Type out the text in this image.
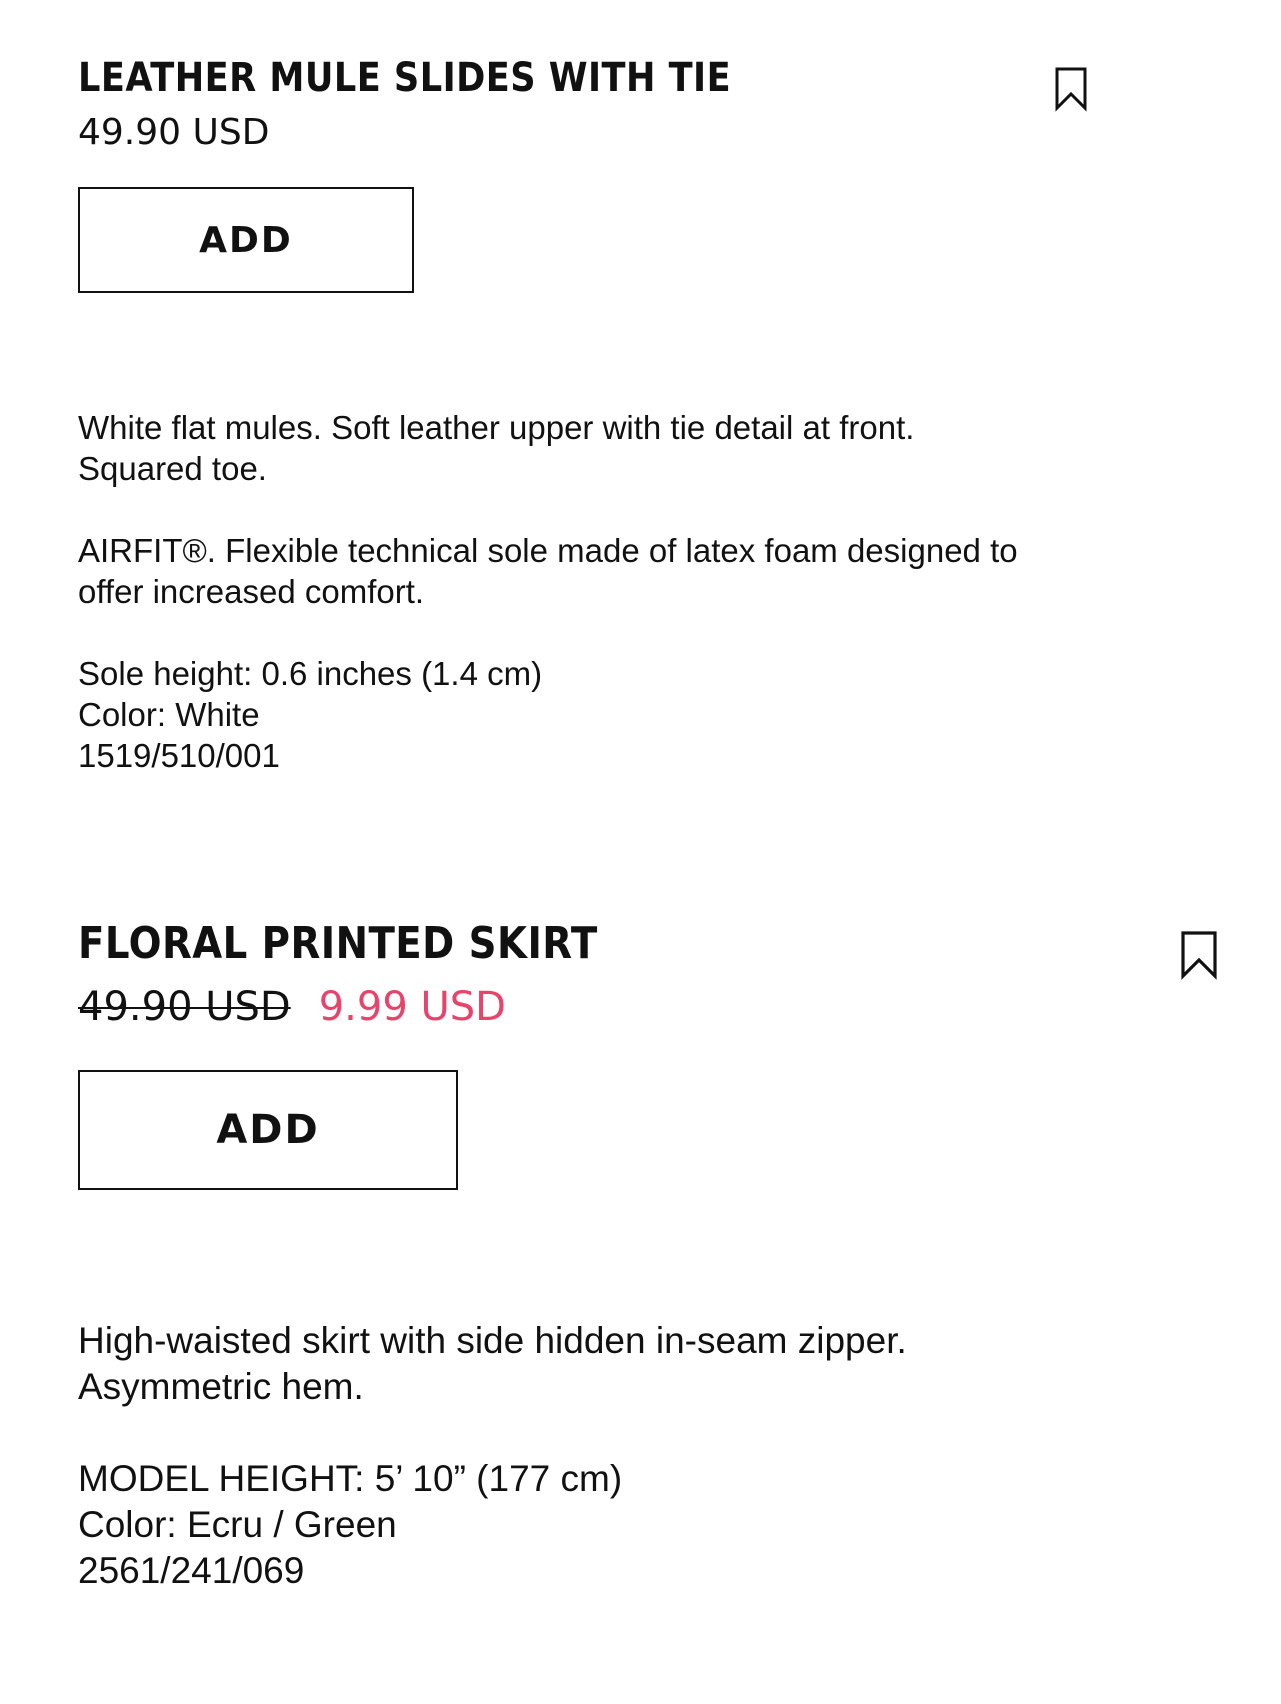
LEATHER MULE SLIDES WITH TIE
49.90 USD
ADD

White flat mules. Soft leather upper with tie detail at front.
Squared toe.

AIRFIT®. Flexible technical sole made of latex foam designed to
offer increased comfort.

Sole height: 0.6 inches (1.4 cm)
Color: White
1519/510/001

FLORAL PRINTED SKIRT
49.90 USD 9.99 USD
ADD

High-waisted skirt with side hidden in-seam zipper.
Asymmetric hem.

MODEL HEIGHT: 5’ 10” (177 cm)
Color: Ecru / Green
2561/241/069
